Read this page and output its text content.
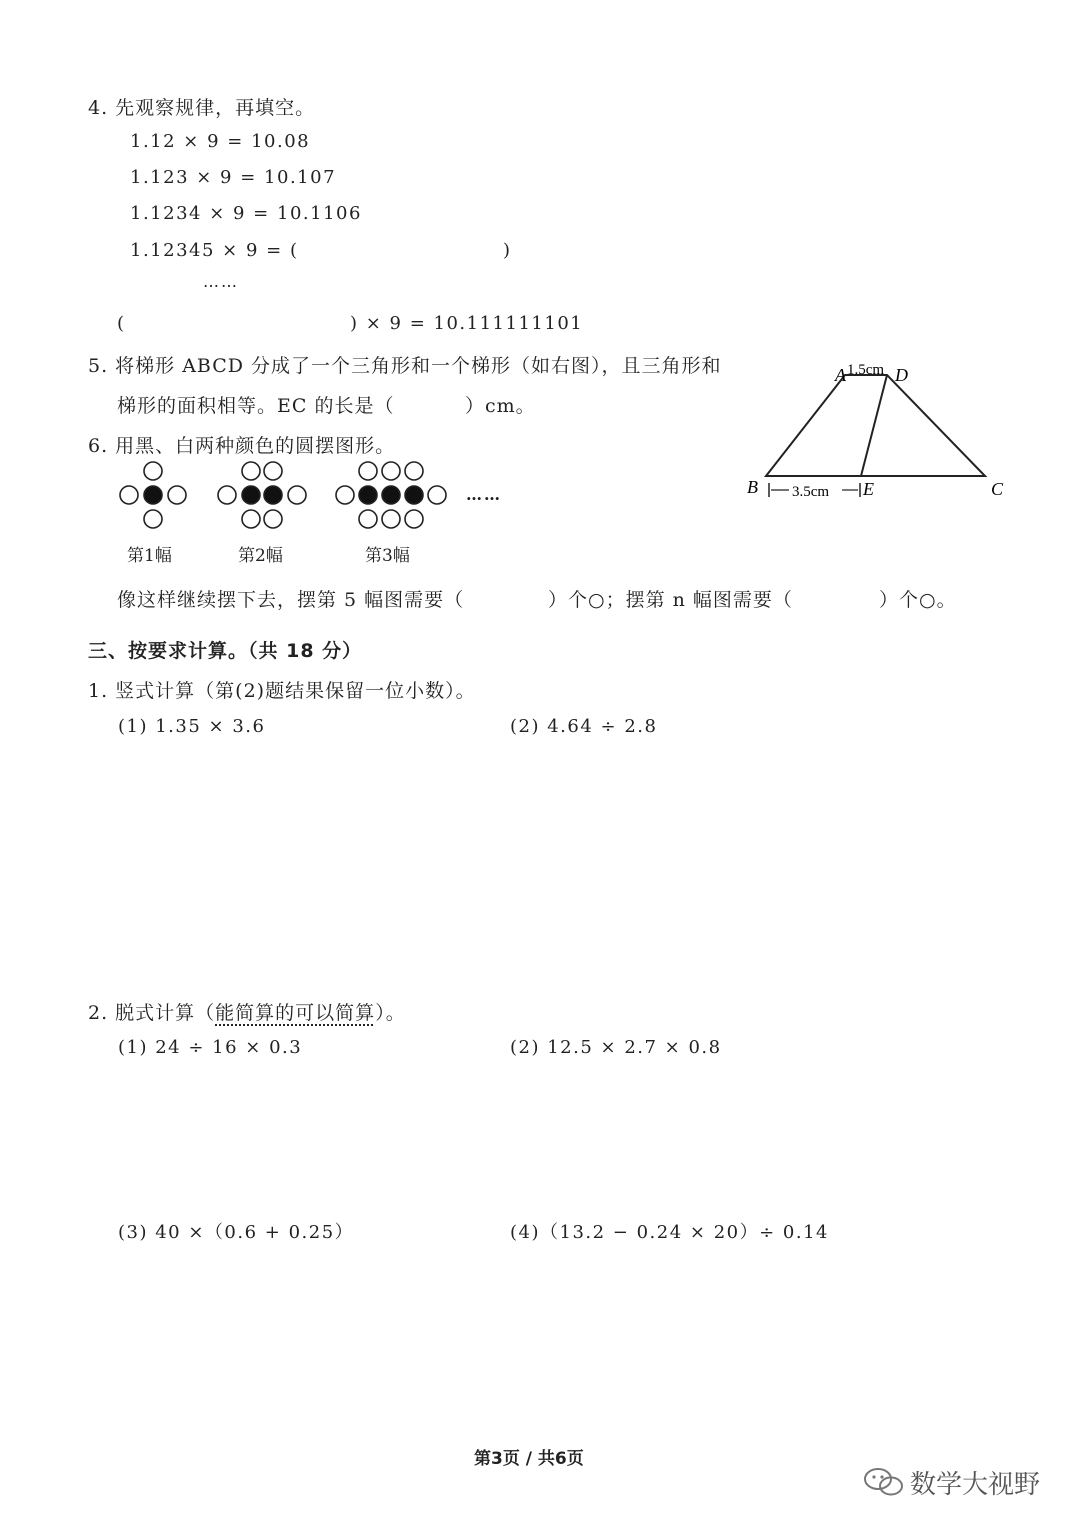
4. 先观察规律，再填空。
1.12 × 9 = 10.08
1.123 × 9 = 10.107
1.1234 × 9 = 10.1106
1.12345 × 9 = (	)
……
(	) × 9 = 10.111111101
5. 将梯形 ABCD 分成了一个三角形和一个梯形（如右图），且三角形和
梯形的面积相等。EC 的长是（	）cm。
A	D
1.5cm
B	E	C
3.5cm
6. 用黑、白两种颜色的圆摆图形。
……
第1幅	第2幅	第3幅
像这样继续摆下去，摆第 5 幅图需要（	）个○；摆第 n 幅图需要（	）个○。
三、按要求计算。（共 18 分）
1. 竖式计算（第(2)题结果保留一位小数）。
(1) 1.35 × 3.6	(2) 4.64 ÷ 2.8
2. 脱式计算（能简算的可以简算）。
(1) 24 ÷ 16 × 0.3	(2) 12.5 × 2.7 × 0.8
(3) 40 ×（0.6 + 0.25）	(4)（13.2 − 0.24 × 20）÷ 0.14
第3页 / 共6页
数学大视野
